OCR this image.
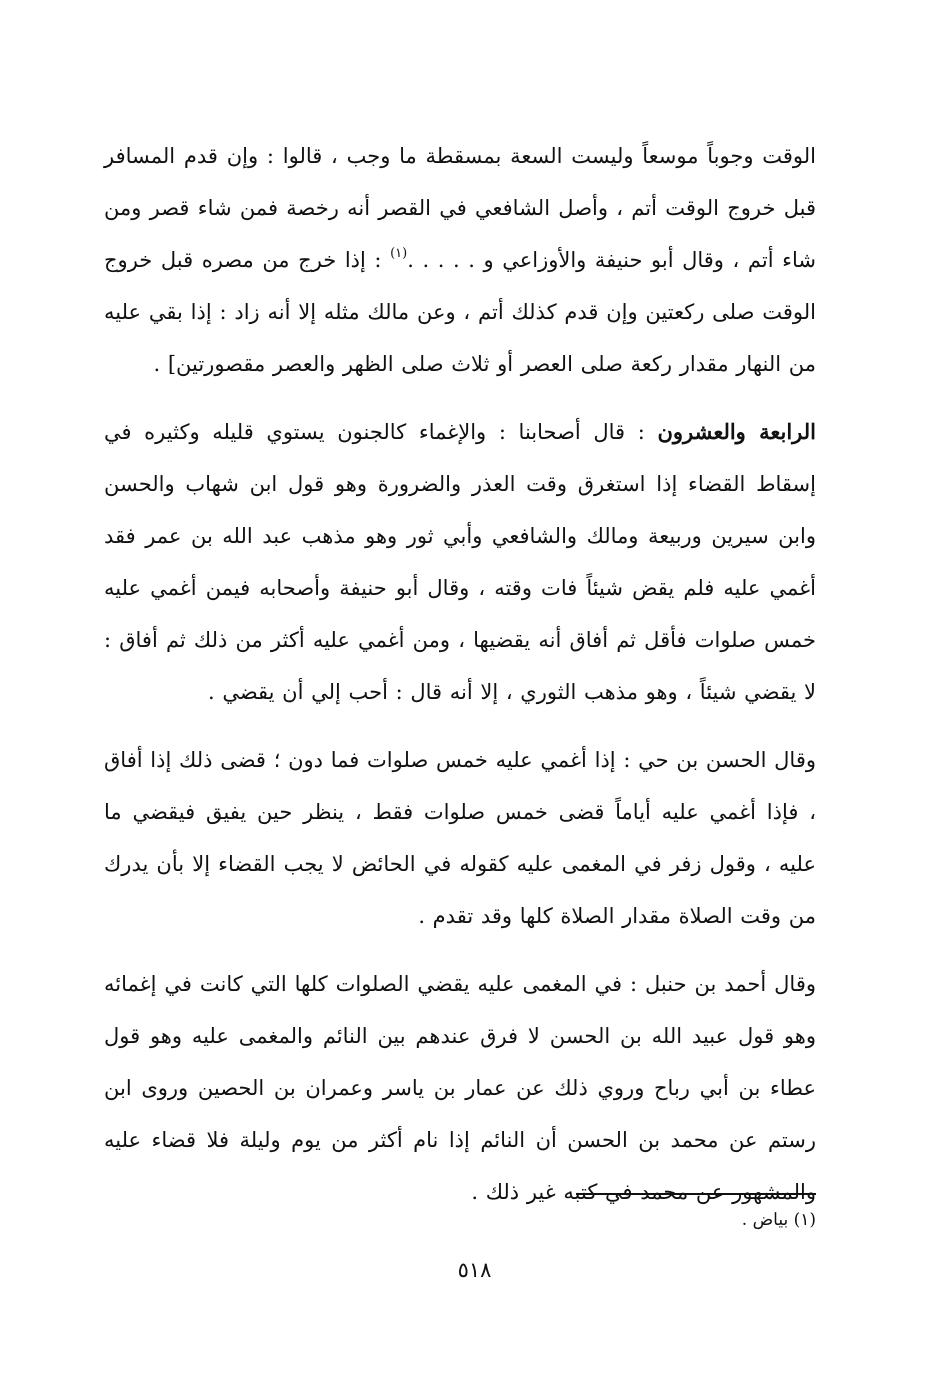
الوقت وجوباً موسعاً وليست السعة بمسقطة ما وجب ، قالوا : وإن قدم المسافر قبل خروج الوقت أتم ، وأصل الشافعي في القصر أنه رخصة فمن شاء قصر ومن شاء أتم ، وقال أبو حنيفة والأوزاعي و . . . . .$^{(١)}$ : إذا خرج من مصره قبل خروج الوقت صلى ركعتين وإن قدم كذلك أتم ، وعن مالك مثله إلا أنه زاد : إذا بقي عليه من النهار مقدار ركعة صلى العصر أو ثلاث صلى الظهر والعصر مقصورتين] .

الرابعة والعشرون : قال أصحابنا : والإغماء كالجنون يستوي قليله وكثيره في إسقاط القضاء إذا استغرق وقت العذر والضرورة وهو قول ابن شهاب والحسن وابن سيرين وربيعة ومالك والشافعي وأبي ثور وهو مذهب عبد الله بن عمر فقد أغمي عليه فلم يقض شيئاً فات وقته ، وقال أبو حنيفة وأصحابه فيمن أغمي عليه خمس صلوات فأقل ثم أفاق أنه يقضيها ، ومن أغمي عليه أكثر من ذلك ثم أفاق : لا يقضي شيئاً ، وهو مذهب الثوري ، إلا أنه قال : أحب إلي أن يقضي .

وقال الحسن بن حي : إذا أغمي عليه خمس صلوات فما دون ؛ قضى ذلك إذا أفاق ، فإذا أغمي عليه أياماً قضى خمس صلوات فقط ، ينظر حين يفيق فيقضي ما عليه ، وقول زفر في المغمى عليه كقوله في الحائض لا يجب القضاء إلا بأن يدرك من وقت الصلاة مقدار الصلاة كلها وقد تقدم .

وقال أحمد بن حنبل : في المغمى عليه يقضي الصلوات كلها التي كانت في إغمائه وهو قول عبيد الله بن الحسن لا فرق عندهم بين النائم والمغمى عليه وهو قول عطاء بن أبي رباح وروي ذلك عن عمار بن ياسر وعمران بن الحصين وروى ابن رستم عن محمد بن الحسن أن النائم إذا نام أكثر من يوم وليلة فلا قضاء عليه والمشهور عن محمد في كتبه غير ذلك .

(١) بياض .
٥١٨
